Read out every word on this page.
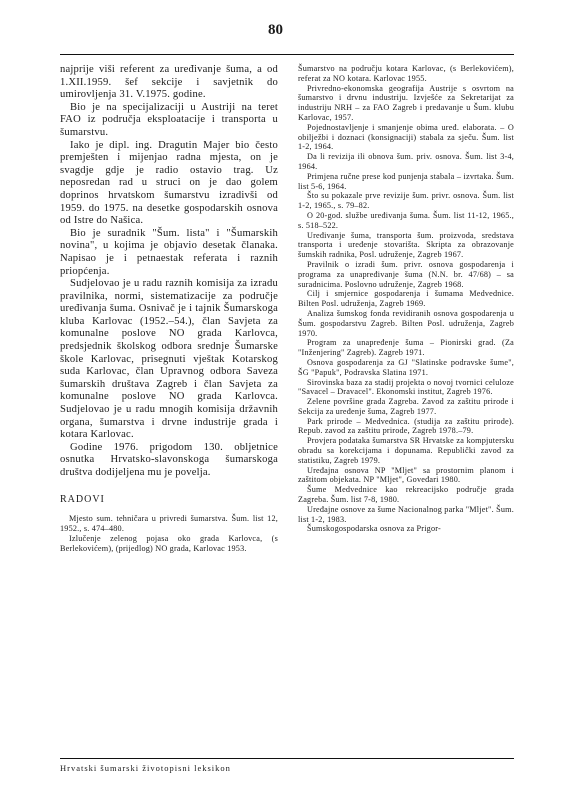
80

najprije viši referent za uređivanje šuma, a od 1.XII.1959. šef sekcije i savjetnik do umirovljenja 31. V.1975. godine.

Bio je na specijalizaciji u Austriji na teret FAO iz područja eksploatacije i transporta u šumarstvu.

Iako je dipl. ing. Dragutin Majer bio često premješten i mijenjao radna mjesta, on je svagdje gdje je radio ostavio trag. Uz neposredan rad u struci on je dao golem doprinos hrvatskom šumarstvu izradivši od 1959. do 1975. na desetke gospodarskih osnova od Istre do Našica.

Bio je suradnik "Šum. lista" i "Šumarskih novina", u kojima je objavio desetak članaka. Napisao je i petnaestak referata i raznih priopćenja.

Sudjelovao je u radu raznih komisija za izradu pravilnika, normi, sistematizacije za područje uređivanja šuma. Osnivač je i tajnik Šumarskoga kluba Karlovac (1952.–54.), član Savjeta za komunalne poslove NO grada Karlovca, predsjednik školskog odbora srednje Šumarske škole Karlovac, prisegnuti vještak Kotarskog suda Karlovac, član Upravnog odbora Saveza šumarskih društava Zagreb i član Savjeta za komunalne poslove NO grada Karlovca. Sudjelovao je u radu mnogih komisija državnih organa, šumarstva i drvne industrije grada i kotara Karlovac.

Godine 1976. prigodom 130. obljetnice osnutka Hrvatsko-slavonskoga šumarskoga društva dodijeljena mu je povelja.

RADOVI

Mjesto sum. tehničara u privredi šumarstva. Šum. list 12, 1952., s. 474–480.

Izlučenje zelenog pojasa oko grada Karlovca, (s Berlekovićem), (prijedlog) NO grada, Karlovac 1953.

Šumarstvo na području kotara Karlovac, (s Berlekovićem), referat za NO kotara. Karlovac 1955.

Privredno-ekonomska geografija Austrije s osvrtom na šumarstvo i drvnu industriju. Izvješće za Sekretarijat za industriju NRH – za FAO Zagreb i predavanje u Šum. klubu Karlovac, 1957.

Pojednostavljenje i smanjenje obima urеđ. elaborata. – O obilježbi i doznaci (konsignaciji) stabala za sječu. Šum. list 1-2, 1964.

Da li revizija ili obnova šum. priv. osnova. Šum. list 3-4, 1964.

Primjena ručne prese kod punjenja stabala – izvrtaka. Šum. list 5-6, 1964.

Što su pokazale prve revizije šum. privr. osnova. Šum. list 1-2, 1965., s. 79–82.

O 20-god. službe uređivanja šuma. Šum. list 11-12, 1965., s. 518–522.

Uređivanje šuma, transporta šum. proizvoda, sredstava transporta i uređenje stovarišta. Skripta za obrazovanje šumskih radnika, Posl. udruženje, Zagreb 1967.

Pravilnik o izradi šum. privr. osnova gospodarenja i programa za unapređivanje šuma (N.N. br. 47/68) – sa suradnicima. Poslovno udruženje, Zagreb 1968.

Cilj i smjernice gospodarenja i šumama Medvednice. Bilten Posl. udruženja, Zagreb 1969.

Analiza šumskog fonda revidiranih osnova gospodarenja u Šum. gospodarstvu Zagreb. Bilten Posl. udruženja, Zagreb 1970.

Program za unapređenje šuma – Pionirski grad. (Za "Inženjering" Zagreb). Zagreb 1971.

Osnova gospodarenja za GJ "Slatinske podravske šume", ŠG "Papuk", Podravska Slatina 1971.

Sirovinska baza za stadij projekta o novoj tvornici celuloze "Savacel – Dravacel". Ekonomski institut, Zagreb 1976.

Zelene površine grada Zagreba. Zavod za zaštitu prirode i Sekcija za uređenje šuma, Zagreb 1977.

Park prirode – Medvednica. (studija za zaštitu prirode). Repub. zavod za zaštitu prirode, Zagreb 1978.–79.

Provjera podataka šumarstva SR Hrvatske za kompjutersku obradu sa korekcijama i dopunama. Republički zavod za statistiku, Zagreb 1979.

Uređajna osnova NP "Mljet" sa prostornim planom i zaštitom objekata. NP "Mljet", Goveđari 1980.

Šume Medvednice kao rekreacijsko područje grada Zagreba. Šum. list 7-8, 1980.

Uređajne osnove za šume Nacionalnog parka "Mljet". Šum. list 1-2, 1983.

Šumskogospodarska osnova za Prigor-

Hrvatski šumarski životopisni leksikon
